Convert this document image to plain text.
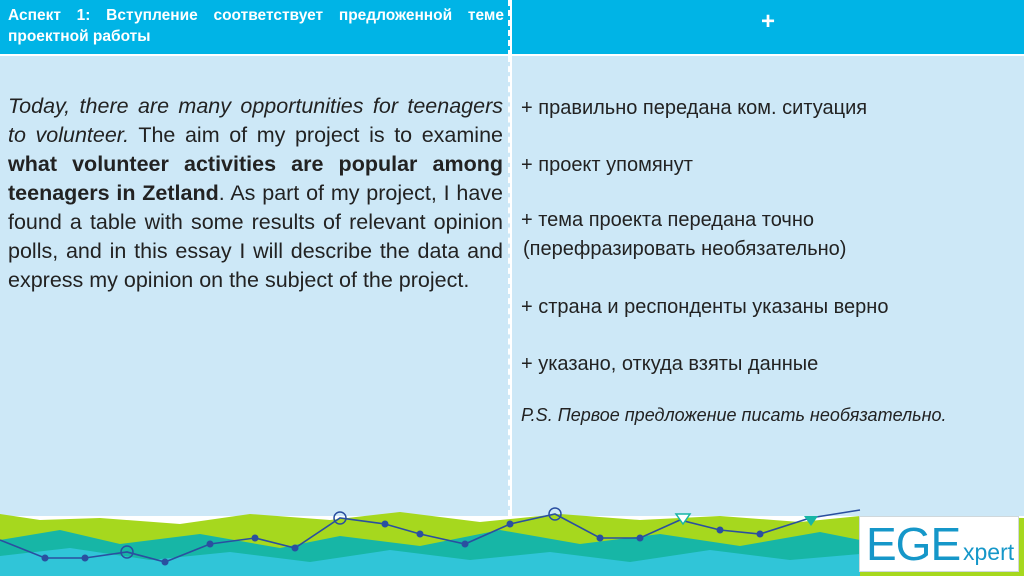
Аспект 1: Вступление соответствует предложенной теме проектной работы
+
Today, there are many opportunities for teenagers to volunteer. The aim of my project is to examine what volunteer activities are popular among teenagers in Zetland. As part of my project, I have found a table with some results of relevant opinion polls, and in this essay I will describe the data and express my opinion on the subject of the project.
+ правильно передана ком. ситуация
+ проект упомянут
+ тема проекта передана точно
(перефразировать необязательно)
+ страна и респонденты указаны верно
+ указано, откуда взяты данные
P.S. Первое предложение писать необязательно.
EGE xpert
